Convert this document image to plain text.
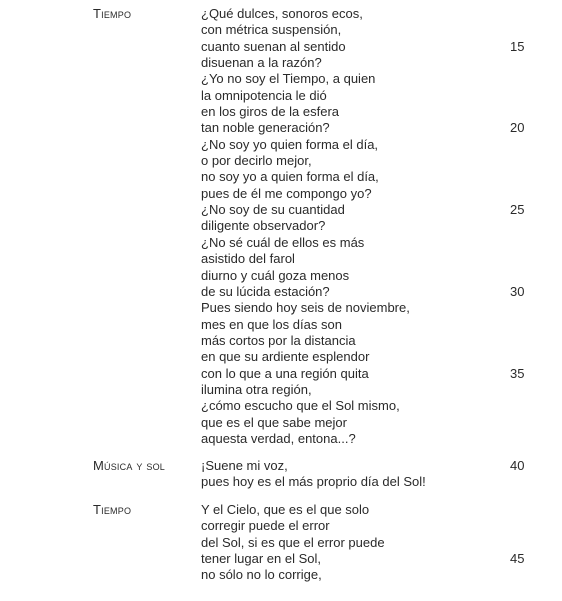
Tiempo	¿Qué dulces, sonoros ecos,
con métrica suspensión,
cuanto suenan al sentido	15
disuenan a la razón?
¿Yo no soy el Tiempo, a quien
la omnipotencia le dió
en los giros de la esfera
tan noble generación?	20
¿No soy yo quien forma el día,
o por decirlo mejor,
no soy yo a quien forma el día,
pues de él me compongo yo?
¿No soy de su cuantidad	25
diligente observador?
¿No sé cuál de ellos es más
asistido del farol
diurno y cuál goza menos
de su lúcida estación?	30
Pues siendo hoy seis de noviembre,
mes en que los días son
más cortos por la distancia
en que su ardiente esplendor
con lo que a una región quita	35
ilumina otra región,
¿cómo escucho que el Sol mismo,
que es el que sabe mejor
aquesta verdad, entona...?
Música y sol	¡Suene mi voz,	40
pues hoy es el más proprio día del Sol!
Tiempo	Y el Cielo, que es el que solo
corregir puede el error
del Sol, si es que el error puede
tener lugar en el Sol,	45
no sólo no lo corrige,
